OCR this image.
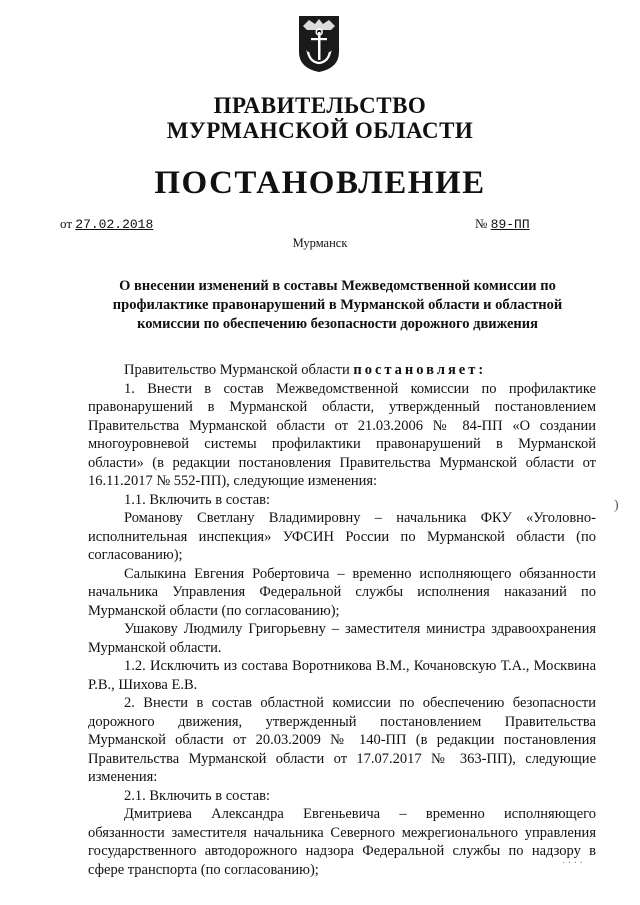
ПРАВИТЕЛЬСТВО
МУРМАНСКОЙ ОБЛАСТИ
ПОСТАНОВЛЕНИЕ
от 27.02.2018	№ 89-ПП
Мурманск
О внесении изменений в составы Межведомственной комиссии по профилактике правонарушений в Мурманской области и областной комиссии по обеспечению безопасности дорожного движения

Правительство Мурманской области постановляет:

1. Внести в состав Межведомственной комиссии по профилактике правонарушений в Мурманской области, утвержденный постановлением Правительства Мурманской области от 21.03.2006 № 84-ПП «О создании многоуровневой системы профилактики правонарушений в Мурманской области» (в редакции постановления Правительства Мурманской области от 16.11.2017 № 552-ПП), следующие изменения:

1.1. Включить в состав:

Романову Светлану Владимировну – начальника ФКУ «Уголовно-исполнительная инспекция» УФСИН России по Мурманской области (по согласованию);

Салыкина Евгения Робертовича – временно исполняющего обязанности начальника Управления Федеральной службы исполнения наказаний по Мурманской области (по согласованию);

Ушакову Людмилу Григорьевну – заместителя министра здравоохранения Мурманской области.

1.2. Исключить из состава Воротникова В.М., Кочановскую Т.А., Москвина Р.В., Шихова Е.В.

2. Внести в состав областной комиссии по обеспечению безопасности дорожного движения, утвержденный постановлением Правительства Мурманской области от 20.03.2009 № 140-ПП (в редакции постановления Правительства Мурманской области от 17.07.2017 № 363-ПП), следующие изменения:

2.1. Включить в состав:

Дмитриева Александра Евгеньевича – временно исполняющего обязанности заместителя начальника Северного межрегионального управления государственного автодорожного надзора Федеральной службы по надзору в сфере транспорта (по согласованию);

)
· · · ·
